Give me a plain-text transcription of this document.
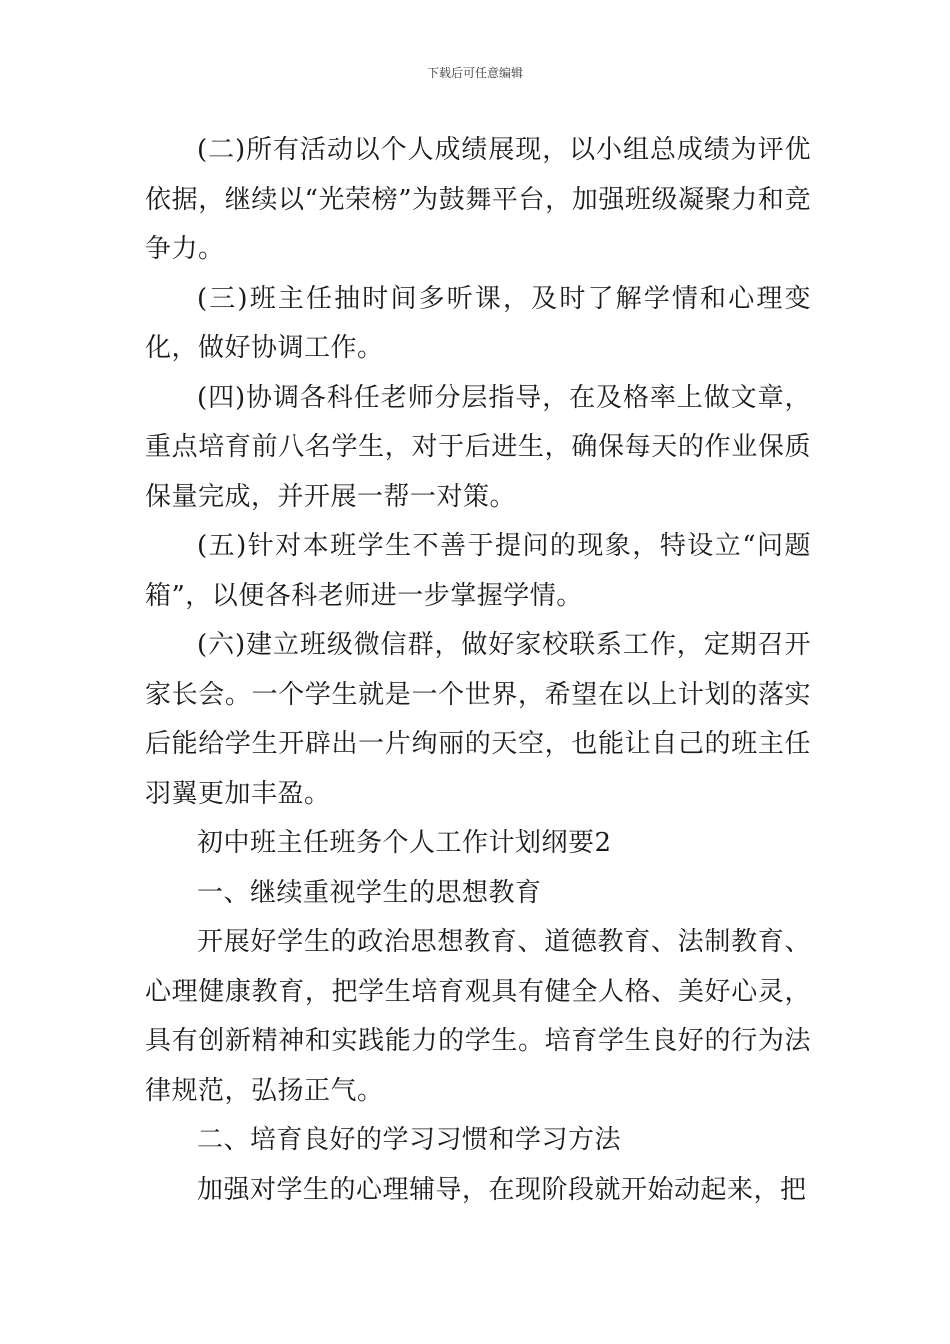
下载后可任意编辑

(二)所有活动以个人成绩展现，以小组总成绩为评优依据，继续以“光荣榜”为鼓舞平台，加强班级凝聚力和竞争力。

(三)班主任抽时间多听课，及时了解学情和心理变化，做好协调工作。

(四)协调各科任老师分层指导，在及格率上做文章，重点培育前八名学生，对于后进生，确保每天的作业保质保量完成，并开展一帮一对策。

(五)针对本班学生不善于提问的现象，特设立“问题箱”，以便各科老师进一步掌握学情。

(六)建立班级微信群，做好家校联系工作，定期召开家长会。一个学生就是一个世界，希望在以上计划的落实后能给学生开辟出一片绚丽的天空，也能让自己的班主任羽翼更加丰盈。

初中班主任班务个人工作计划纲要2

一、继续重视学生的思想教育

开展好学生的政治思想教育、道德教育、法制教育、心理健康教育，把学生培育观具有健全人格、美好心灵，具有创新精神和实践能力的学生。培育学生良好的行为法律规范，弘扬正气。

二、培育良好的学习习惯和学习方法

加强对学生的心理辅导，在现阶段就开始动起来，把
